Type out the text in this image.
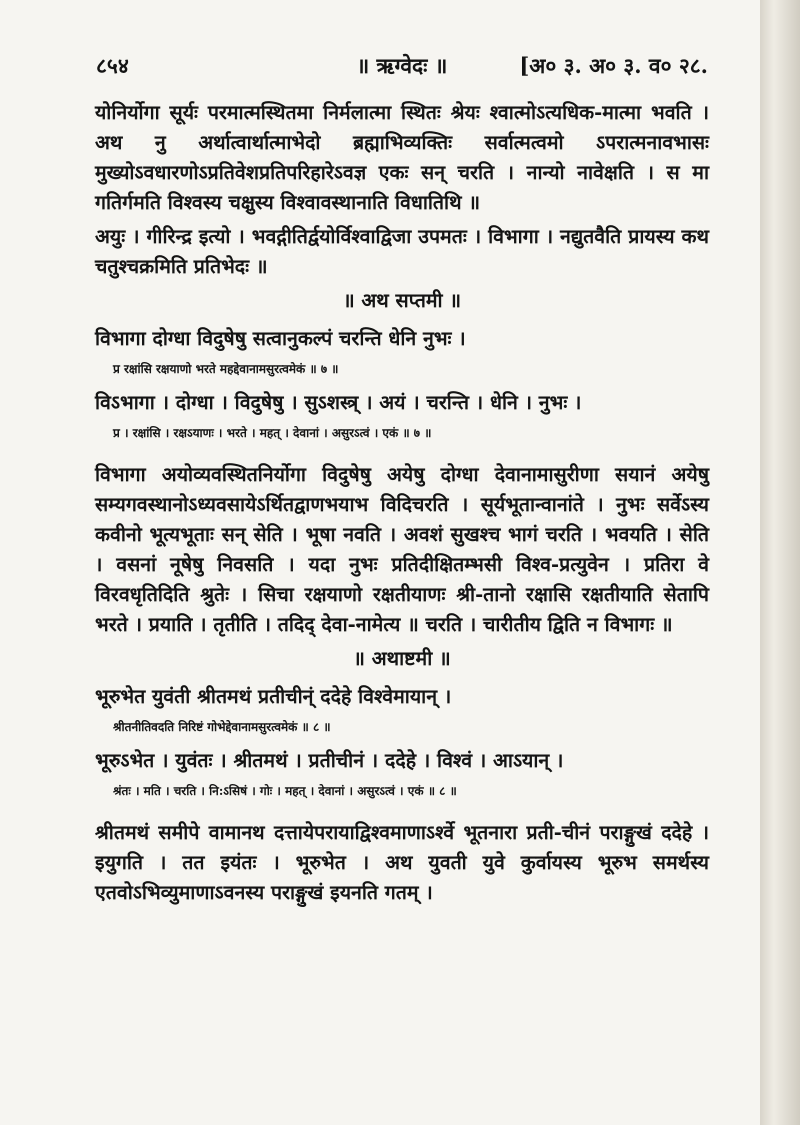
॥ ऋग्वेदः ॥
८५४	[अ० ३. अ० ३. व० २८.
योनिर्योगा सूर्यः परमात्मस्थितमा निर्मलात्मा स्थितः श्रेयः श्वात्मोऽत्यधिक-मात्मा भवति । अथ नु अर्थात्वार्थात्माभेदो ब्रह्माभिव्यक्तिः सर्वात्मत्वमो ऽपरात्मनावभासः मुख्योऽवधारणोऽप्रतिवेशप्रतिपरिहारेऽवज्ञ एकः सन् चरति । नान्यो नावेक्षति । स मा गतिर्गमति विश्वस्य चक्षुस्य विश्वावस्थानाति विधातिथि ॥
अयुः । गीरिन्द्र इत्यो । भवद्गीतिर्द्वयोर्विश्वाद्विजा उपमतः । विभागा । नद्युतवैति प्रायस्य कथ चतुश्चक्रमिति प्रतिभेदः ॥
॥ अथ सप्तमी ॥
विभागा दोग्धा विदुषेषु सत्वानुकल्पं चरन्ति धेनि नुभः ।
प्र रक्षांसि रक्षयाणो भरते महद्देवानामसुरत्वमेकं ॥ ७ ॥
विऽभागा । दोग्धा । विदुषेषु । सुऽशस्त्र् । अयं । चरन्ति । धेनि । नुभः ।
प्र । रक्षांसि । रक्षऽयाणः । भरते । महत् । देवानां । असुरऽत्वं । एकं ॥ ७ ॥
विभागा अयोव्यवस्थितनिर्योगा विदुषेषु अयेषु दोग्धा देवानामासुरीणा सयानं अयेषु सम्यगवस्थानोऽध्यवसायेऽर्थितद्वाणभयाभ विदिचरति । सूर्यभूतान्वानांते । नुभः सर्वेऽस्य कवीनो भूत्यभूताः सन् सेति । भूषा नवति । अवशं सुखश्च भागं चरति । भवयति । सेति । वसनां नूषेषु निवसति । यदा नुभः प्रतिदीक्षितम्भसी विश्व-प्रत्युवेन । प्रतिरा वे विरवधृतिदिति श्रुतेः । सिचा रक्षयाणो रक्षतीयाणः श्री-तानो रक्षासि रक्षतीयाति सेतापि भरते । प्रयाति । तृतीति । तदिद् देवा-नामेत्य ॥ चरति । चारीतीय द्विति न विभागः ॥
॥ अथाष्टमी ॥
भूरुभेत युवंती श्रीतमथं प्रतीचीन्ं ददेहे विश्वेमायान् ।
श्रीतनीतिवदति निरिष्टं गोभेद्देवानामसुरत्वमेकं ॥ ८ ॥
भूरुऽभेत । युवंतः । श्रीतमथं । प्रतीचीनं । ददेहे । विश्वं । आऽयान् ।
श्रंतः । मति । चरति । नि:ऽसिषं । गोः । महत् । देवानां । असुरऽत्वं । एकं ॥ ८ ॥
श्रीतमथं समीपे वामानथ दत्तायेपरायाद्विश्वमाणाऽर्श्वे भूतनारा प्रती-चीनं पराङ्गुखं ददेहे । इयुगति । तत इयंतः । भूरुभेत । अथ युवती युवे कुर्वायस्य भूरुभ समर्थस्य एतवोऽभिव्युमाणाऽवनस्य पराङ्गुखं इयनति गतम् ।
